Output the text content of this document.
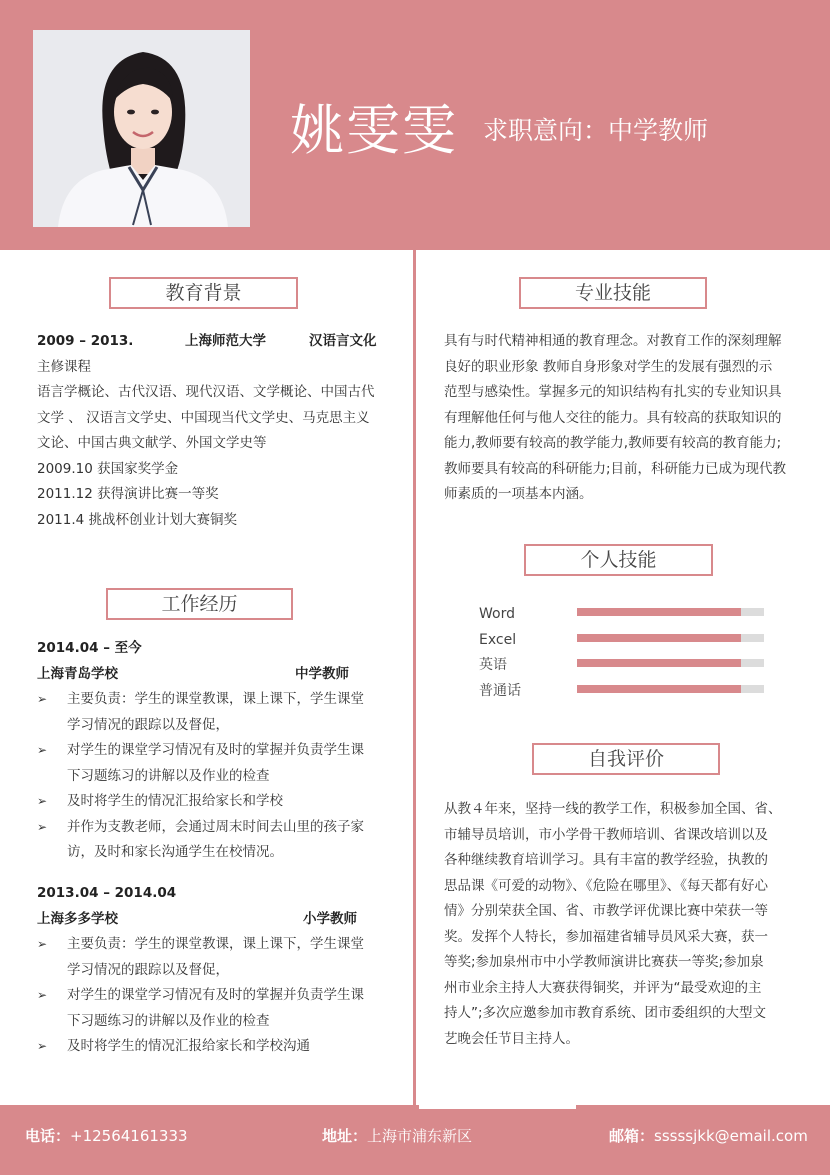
姚雯雯 求职意向：中学教师
教育背景
2009 – 2013.	上海师范大学	汉语言文化
主修课程
语言学概论、古代汉语、现代汉语、文学概论、中国古代
文学 、 汉语言文学史、中国现当代文学史、马克思主义
文论、中国古典文献学、外国文学史等
2009.10 获国家奖学金
2011.12 获得演讲比赛一等奖
2011.4 挑战杯创业计划大赛铜奖
工作经历
2014.04 – 至今
上海青岛学校	中学教师
➢ 主要负责：学生的课堂教课，课上课下，学生课堂
学习情况的跟踪以及督促，
➢ 对学生的课堂学习情况有及时的掌握并负责学生课
下习题练习的讲解以及作业的检查
➢ 及时将学生的情况汇报给家长和学校
➢ 并作为支教老师，会通过周末时间去山里的孩子家
访，及时和家长沟通学生在校情况。
2013.04 – 2014.04
上海多多学校	小学教师
➢ 主要负责：学生的课堂教课，课上课下，学生课堂
学习情况的跟踪以及督促，
➢ 对学生的课堂学习情况有及时的掌握并负责学生课
下习题练习的讲解以及作业的检查
➢ 及时将学生的情况汇报给家长和学校沟通
专业技能
具有与时代精神相通的教育理念。对教育工作的深刻理解
良好的职业形象 教师自身形象对学生的发展有强烈的示
范型与感染性。掌握多元的知识结构有扎实的专业知识具
有理解他任何与他人交往的能力。具有较高的获取知识的
能力,教师要有较高的教学能力,教师要有较高的教育能力;
教师要具有较高的科研能力;目前，科研能力已成为现代教
师素质的一项基本内涵。
个人技能
Word
Excel
英语
普通话
自我评价
从教４年来，坚持一线的教学工作，积极参加全国、省、
市辅导员培训，市小学骨干教师培训、省课改培训以及
各种继续教育培训学习。具有丰富的教学经验，执教的
思品课《可爱的动物》、《危险在哪里》、《每天都有好心
情》分别荣获全国、省、市教学评优课比赛中荣获一等
奖。发挥个人特长，参加福建省辅导员风采大赛，获一
等奖;参加泉州市中小学教师演讲比赛获一等奖;参加泉
州市业余主持人大赛获得铜奖，并评为“最受欢迎的主
持人”;多次应邀参加市教育系统、团市委组织的大型文
艺晚会任节目主持人。
电话：+12564161333	地址：上海市浦东新区	邮箱：sssssjkk@email.com
